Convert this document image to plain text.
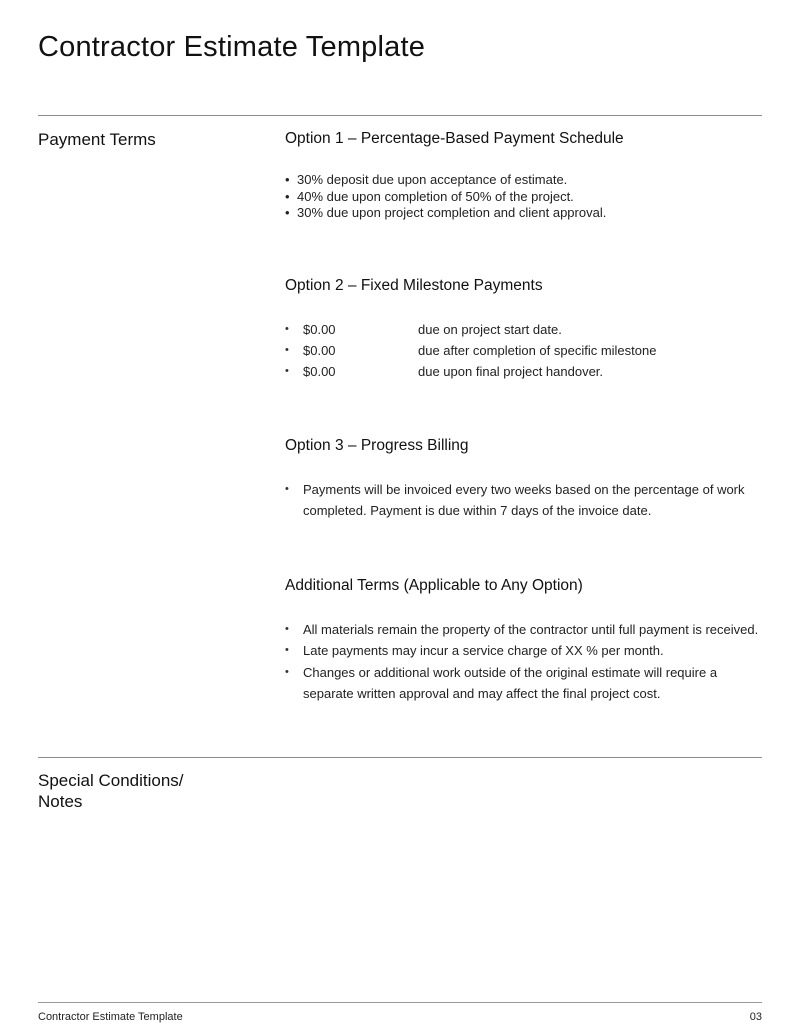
Contractor Estimate Template
Payment Terms	Option 1 – Percentage-Based Payment Schedule
• 30% deposit due upon acceptance of estimate.
• 40% due upon completion of 50% of the project.
• 30% due upon project completion and client approval.
Option 2 – Fixed Milestone Payments
•	$0.00	due on project start date.
•	$0.00	due after completion of specific milestone
•	$0.00	due upon final project handover.
Option 3 – Progress Billing
•	Payments will be invoiced every two weeks based on the percentage of work completed. Payment is due within 7 days of the invoice date.
Additional Terms (Applicable to Any Option)
•	All materials remain the property of the contractor until full payment is received.
•	Late payments may incur a service charge of XX % per month.
•	Changes or additional work outside of the original estimate will require a separate written approval and may affect the final project cost.
Special Conditions/
Notes
Contractor Estimate Template	03
